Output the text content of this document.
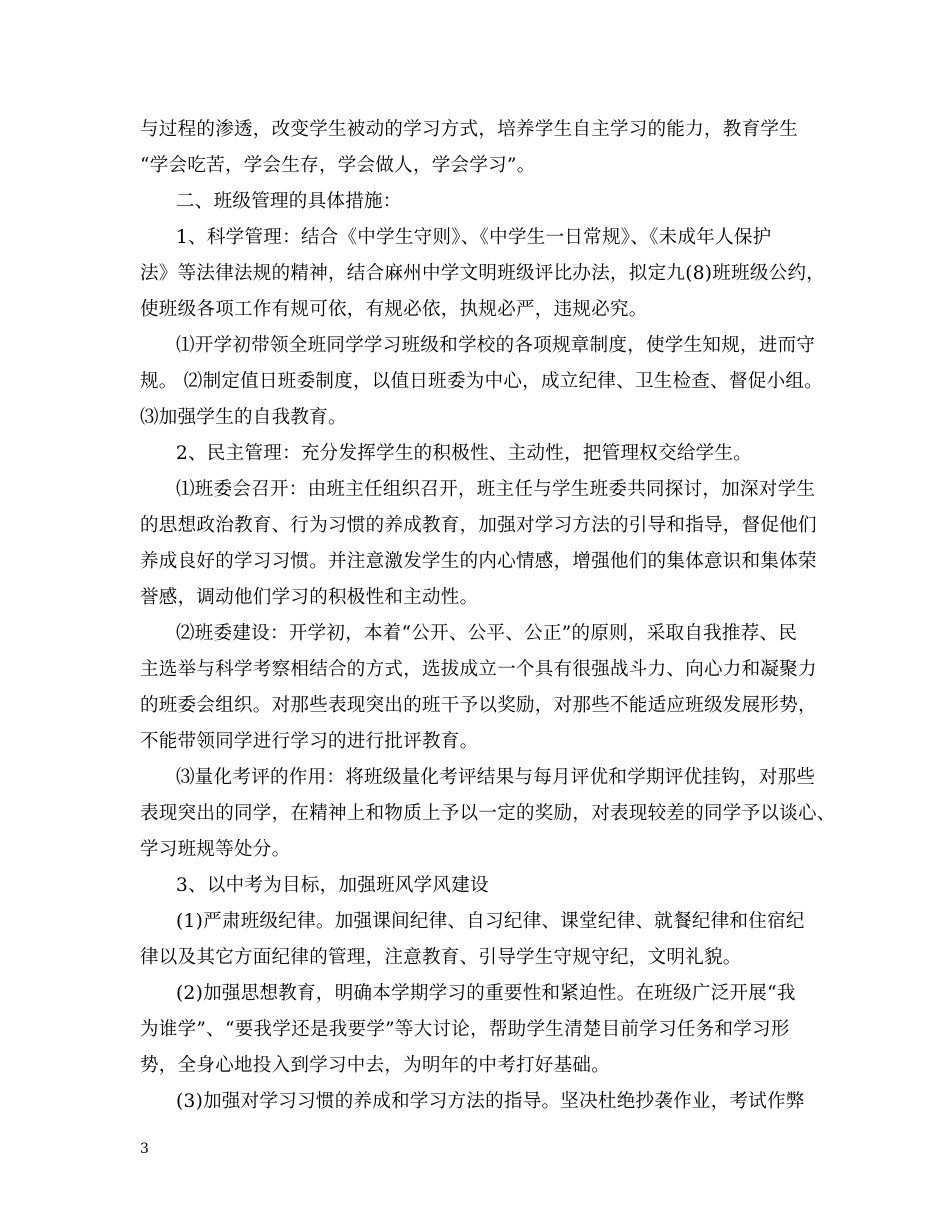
与过程的渗透，改变学生被动的学习方式，培养学生自主学习的能力，教育学生
“学会吃苦，学会生存，学会做人，学会学习”。
二、班级管理的具体措施：
1、科学管理：结合《中学生守则》、《中学生一日常规》、《未成年人保护
法》等法律法规的精神，结合麻州中学文明班级评比办法，拟定九(8)班班级公约，
使班级各项工作有规可依，有规必依，执规必严，违规必究。
⑴开学初带领全班同学学习班级和学校的各项规章制度，使学生知规，进而守
规。 ⑵制定值日班委制度，以值日班委为中心，成立纪律、卫生检查、督促小组。
⑶加强学生的自我教育。
2、民主管理：充分发挥学生的积极性、主动性，把管理权交给学生。
⑴班委会召开：由班主任组织召开，班主任与学生班委共同探讨，加深对学生
的思想政治教育、行为习惯的养成教育，加强对学习方法的引导和指导，督促他们
养成良好的学习习惯。并注意激发学生的内心情感，增强他们的集体意识和集体荣
誉感，调动他们学习的积极性和主动性。
⑵班委建设：开学初，本着“公开、公平、公正”的原则，采取自我推荐、民
主选举与科学考察相结合的方式，选拔成立一个具有很强战斗力、向心力和凝聚力
的班委会组织。对那些表现突出的班干予以奖励，对那些不能适应班级发展形势，
不能带领同学进行学习的进行批评教育。
⑶量化考评的作用：将班级量化考评结果与每月评优和学期评优挂钩，对那些
表现突出的同学，在精神上和物质上予以一定的奖励，对表现较差的同学予以谈心、
学习班规等处分。
3、以中考为目标，加强班风学风建设
(1)严肃班级纪律。加强课间纪律、自习纪律、课堂纪律、就餐纪律和住宿纪
律以及其它方面纪律的管理，注意教育、引导学生守规守纪，文明礼貌。
(2)加强思想教育，明确本学期学习的重要性和紧迫性。在班级广泛开展“我
为谁学”、“要我学还是我要学”等大讨论，帮助学生清楚目前学习任务和学习形
势，全身心地投入到学习中去，为明年的中考打好基础。
(3)加强对学习习惯的养成和学习方法的指导。坚决杜绝抄袭作业，考试作弊
3
